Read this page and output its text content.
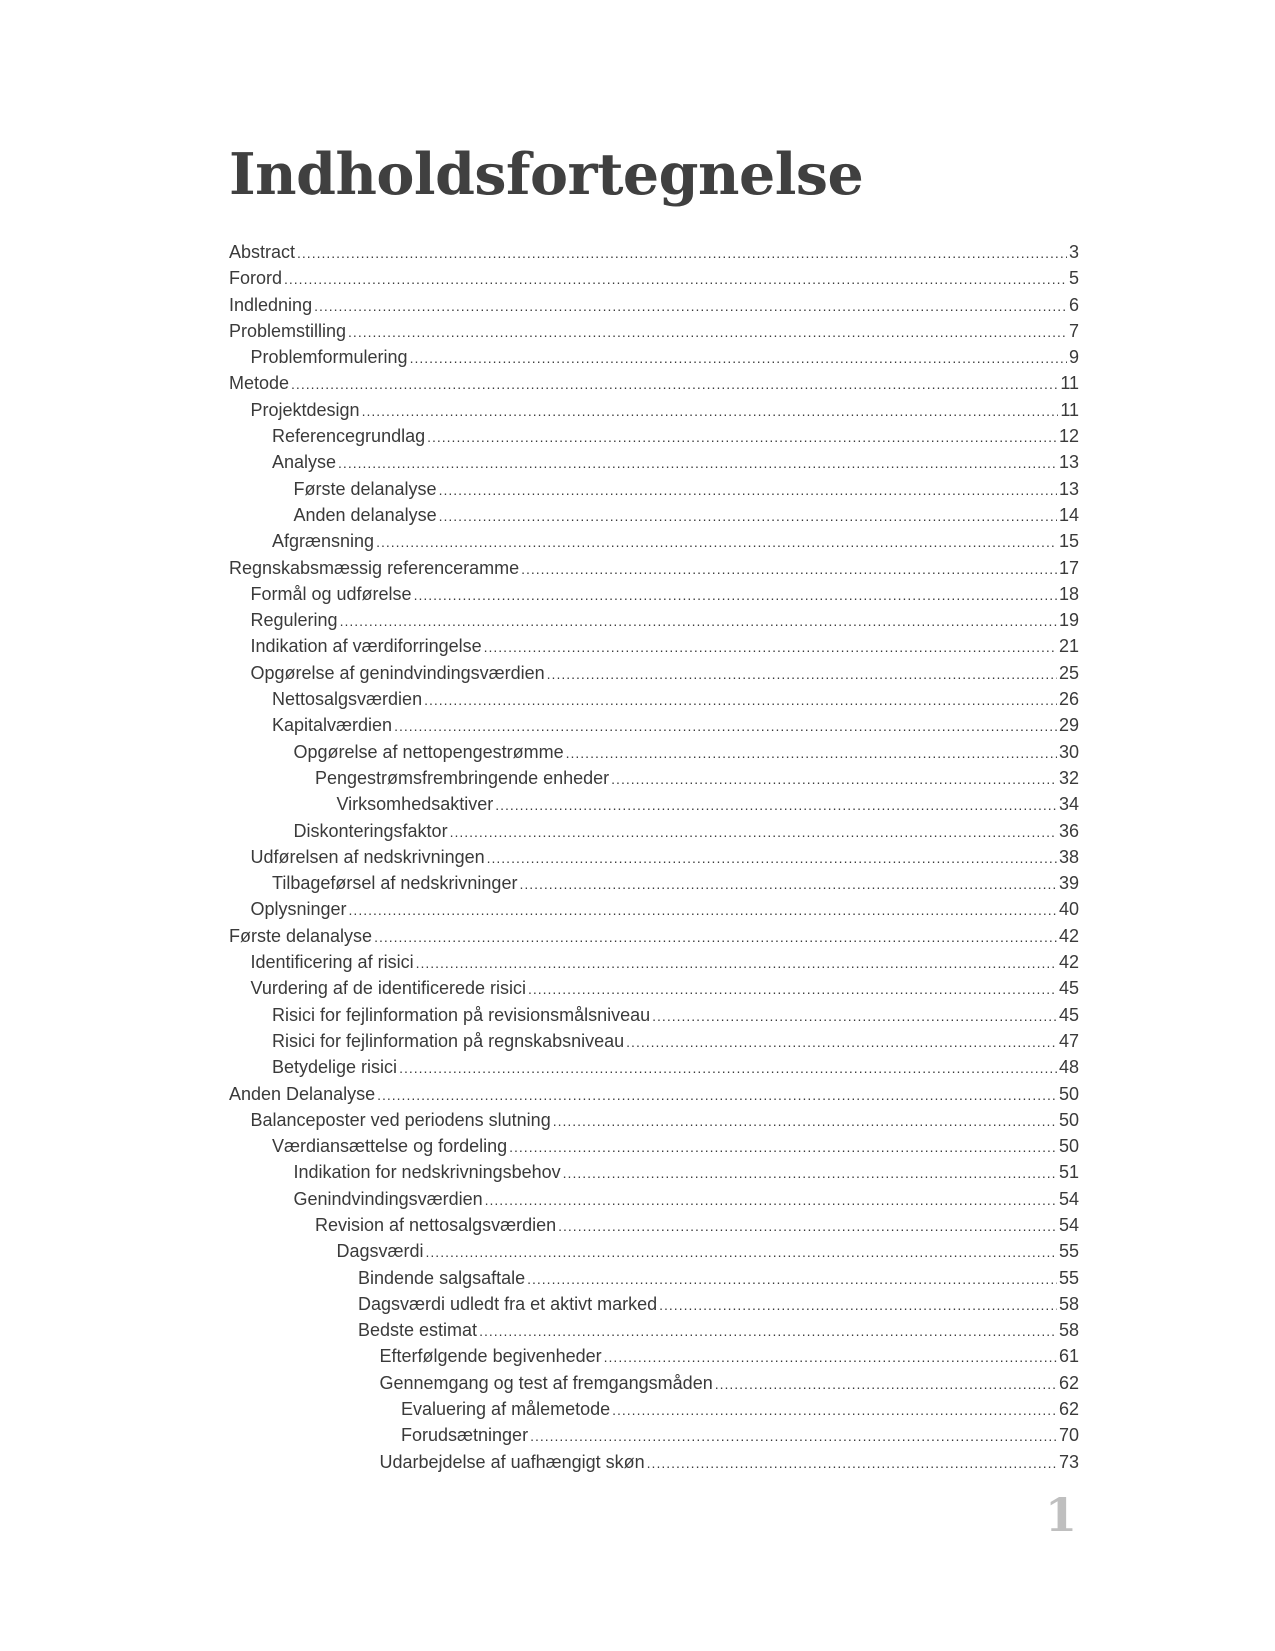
Indholdsfortegnelse
Abstract .....	3
Forord .....	5
Indledning .....	6
Problemstilling .....	7
Problemformulering .....	9
Metode .....	11
Projektdesign .....	11
Referencegrundlag .....	12
Analyse .....	13
Første delanalyse .....	13
Anden delanalyse .....	14
Afgrænsning .....	15
Regnskabsmæssig referenceramme .....	17
Formål og udførelse .....	18
Regulering .....	19
Indikation af værdiforringelse .....	21
Opgørelse af genindvindingsværdien .....	25
Nettosalgsværdien .....	26
Kapitalværdien .....	29
Opgørelse af nettopengestrømme .....	30
Pengestrømsfrembringende enheder .....	32
Virksomhedsaktiver .....	34
Diskonteringsfaktor .....	36
Udførelsen af nedskrivningen .....	38
Tilbageførsel af nedskrivninger .....	39
Oplysninger .....	40
Første delanalyse .....	42
Identificering af risici .....	42
Vurdering af de identificerede risici .....	45
Risici for fejlinformation på revisionsmålsniveau .....	45
Risici for fejlinformation på regnskabsniveau .....	47
Betydelige risici .....	48
Anden Delanalyse .....	50
Balanceposter ved periodens slutning .....	50
Værdiansættelse og fordeling .....	50
Indikation for nedskrivningsbehov .....	51
Genindvindingsværdien .....	54
Revision af nettosalgsværdien .....	54
Dagsværdi .....	55
Bindende salgsaftale .....	55
Dagsværdi udledt fra et aktivt marked .....	58
Bedste estimat .....	58
Efterfølgende begivenheder .....	61
Gennemgang og test af fremgangsmåden .....	62
Evaluering af målemetode .....	62
Forudsætninger .....	70
Udarbejdelse af uafhængigt skøn .....	73
1
